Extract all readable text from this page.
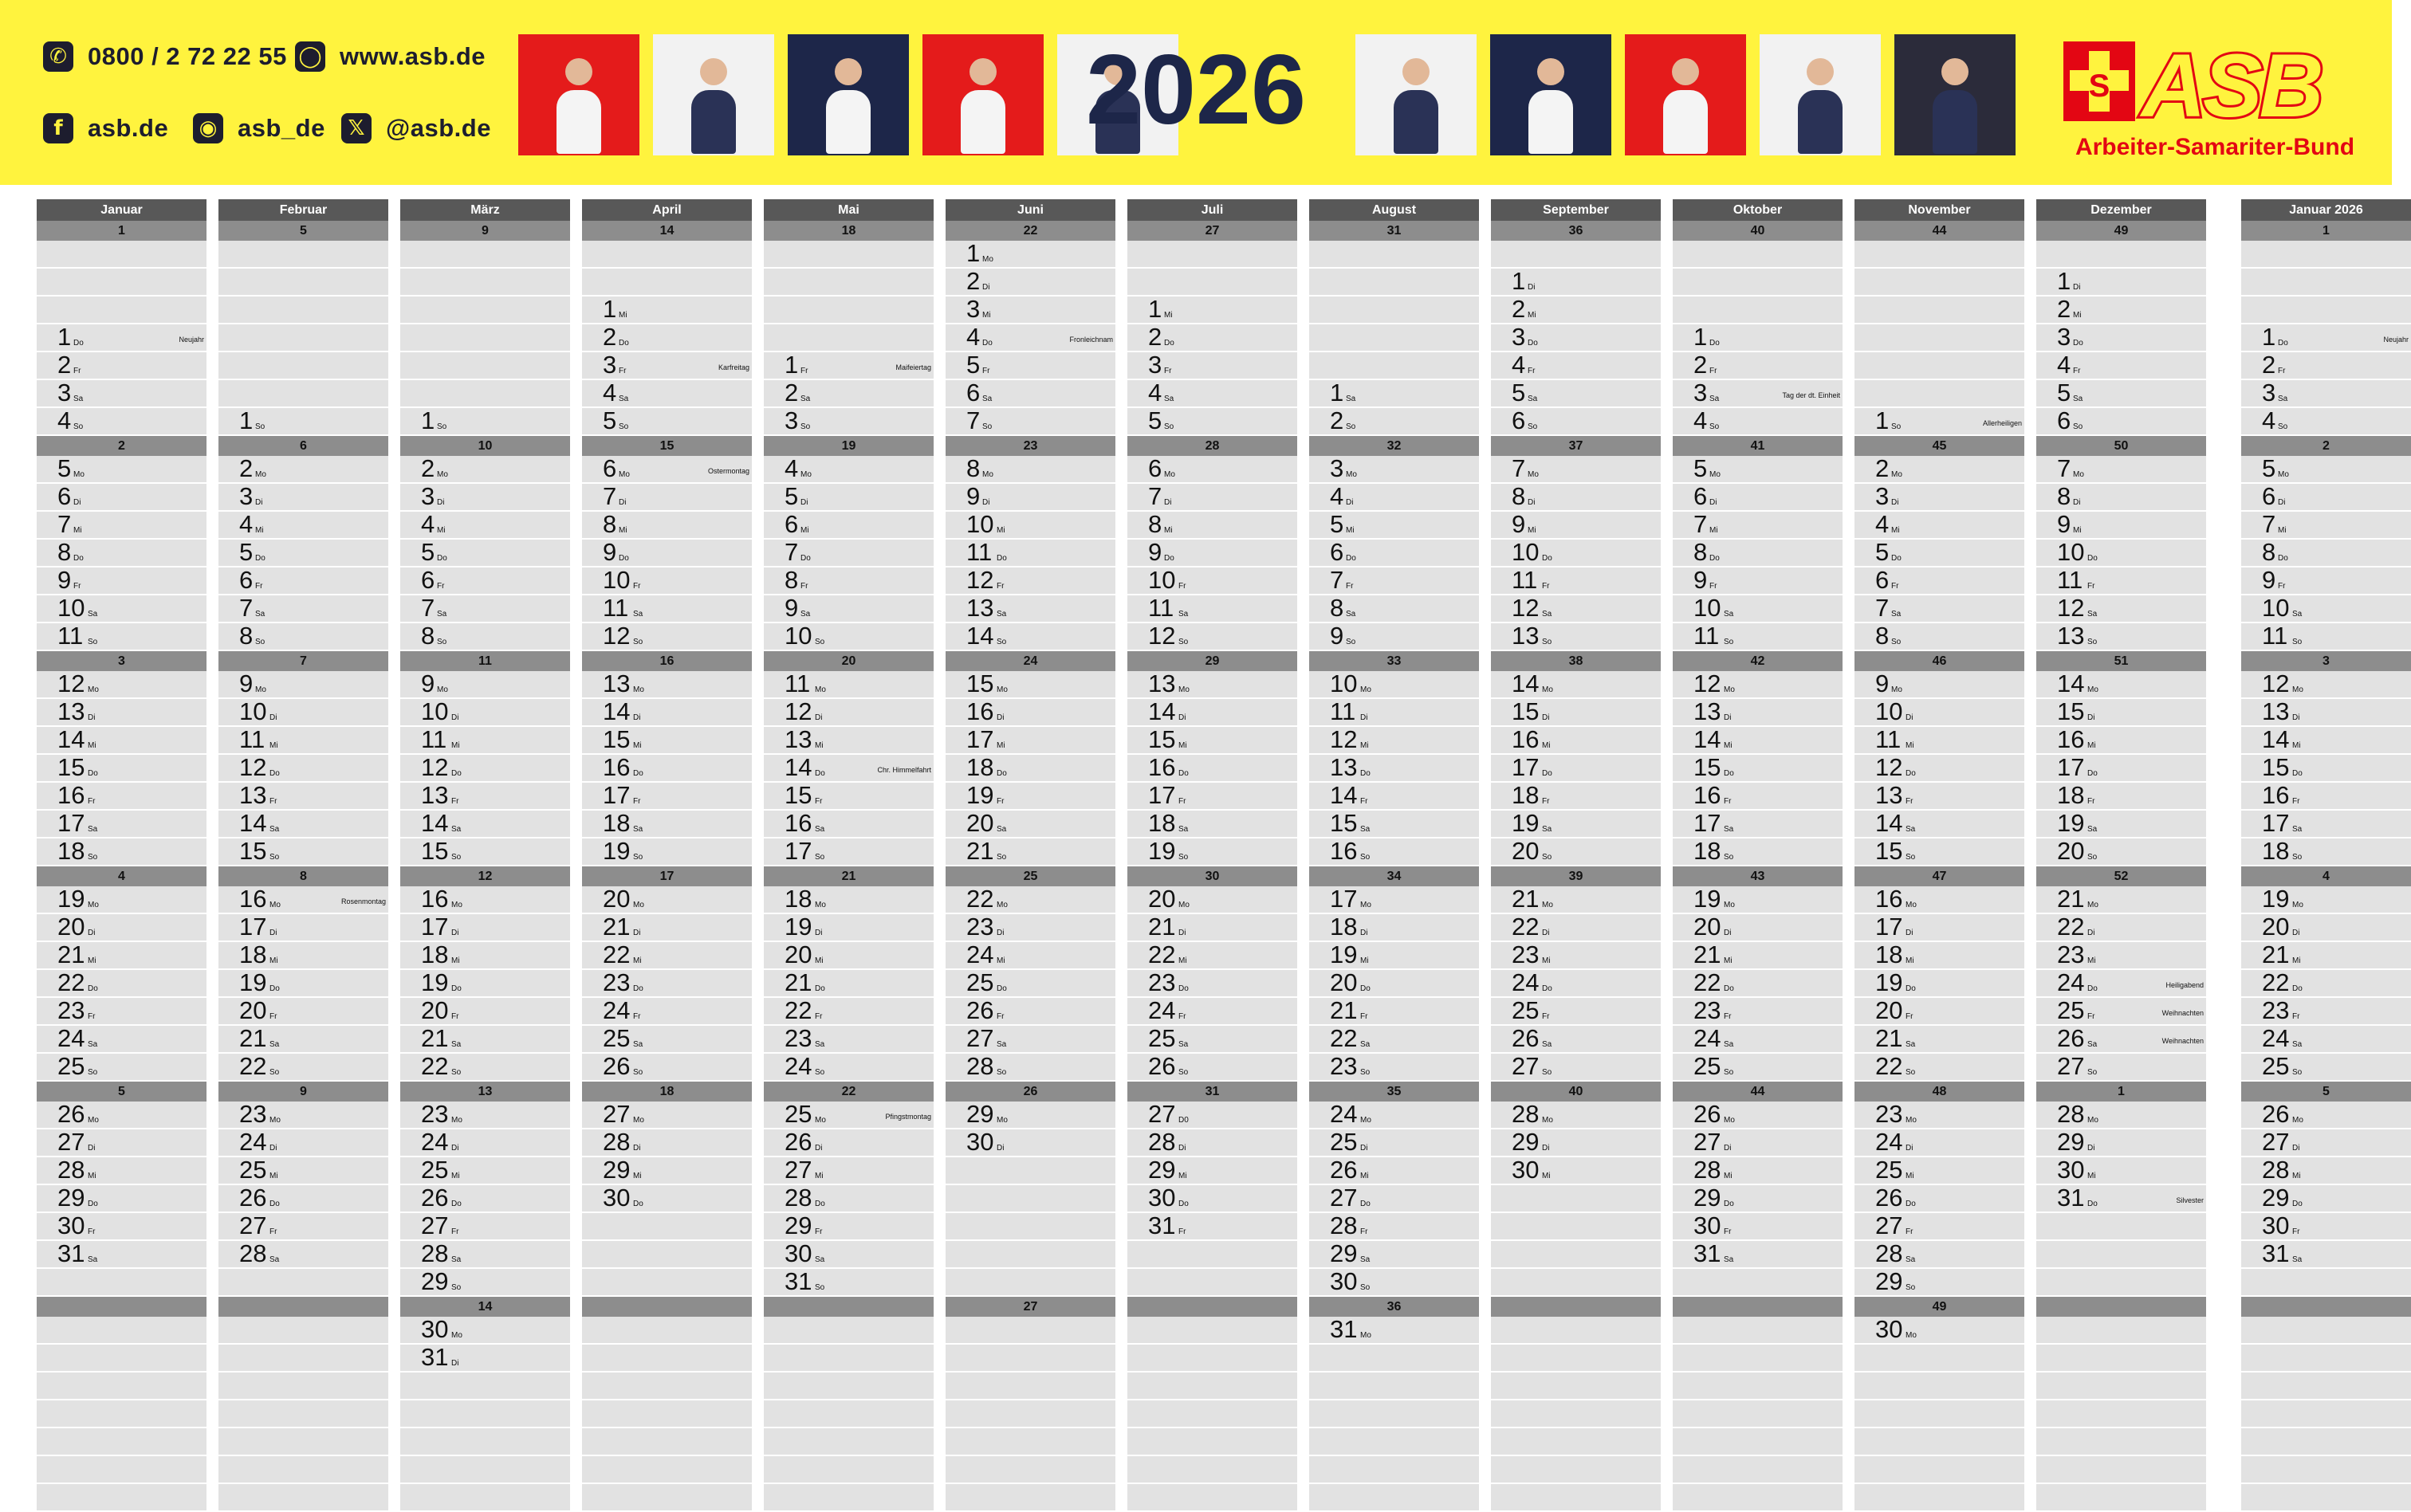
✆ 0800 / 2 72 22 55 ◯ www.asb.de
f	asb.de ◉ asb_de	𝕏 @asb.de	2026	S ASB
Arbeiter-Samariter-Bund
Januar
1
1 Do	Neujahr
2 Fr
3 Sa
4 So
2
5 Mo
6 Di
7 Mi
8 Do
9 Fr
10 Sa
11 So
3
12 Mo
13 Di
14 Mi
15 Do
16 Fr
17 Sa
18 So
4
19 Mo
20 Di
21 Mi
22 Do
23 Fr
24 Sa
25 So
5
26 Mo
27 Di
28 Mi
29 Do
30 Fr
31 Sa
Februar
5
1 So
6
2 Mo
3 Di
4 Mi
5 Do
6 Fr
7 Sa
8 So
7
9 Mo
10 Di
11 Mi
12 Do
13 Fr
14 Sa
15 So
8
16 Mo	Rosenmontag
17 Di
18 Mi
19 Do
20 Fr
21 Sa
22 So
9
23 Mo
24 Di
25 Mi
26 Do
27 Fr
28 Sa
März
9
1 So
10
2 Mo
3 Di
4 Mi
5 Do
6 Fr
7 Sa
8 So
11
9 Mo
10 Di
11 Mi
12 Do
13 Fr
14 Sa
15 So
12
16 Mo
17 Di
18 Mi
19 Do
20 Fr
21 Sa
22 So
13
23 Mo
24 Di
25 Mi
26 Do
27 Fr
28 Sa
29 So
14
30 Mo
31 Di
April
14
1 Mi
2 Do
3 Fr	Karfreitag
4 Sa
5 So
15
6 Mo	Ostermontag
7 Di
8 Mi
9 Do
10 Fr
11 Sa
12 So
16
13 Mo
14 Di
15 Mi
16 Do
17 Fr
18 Sa
19 So
17
20 Mo
21 Di
22 Mi
23 Do
24 Fr
25 Sa
26 So
18
27 Mo
28 Di
29 Mi
30 Do
Mai
18
1 Fr	Maifeiertag
2 Sa
3 So
19
4 Mo
5 Di
6 Mi
7 Do
8 Fr
9 Sa
10 So
20
11 Mo
12 Di
13 Mi
14 Do	Chr. Himmelfahrt
15 Fr
16 Sa
17 So
21
18 Mo
19 Di
20 Mi
21 Do
22 Fr
23 Sa
24 So
22
25 Mo	Pfingstmontag
26 Di
27 Mi
28 Do
29 Fr
30 Sa
31 So
Juni
22
1 Mo
2 Di
3 Mi
4 Do	Fronleichnam
5 Fr
6 Sa
7 So
23
8 Mo
9 Di
10 Mi
11 Do
12 Fr
13 Sa
14 So
24
15 Mo
16 Di
17 Mi
18 Do
19 Fr
20 Sa
21 So
25
22 Mo
23 Di
24 Mi
25 Do
26 Fr
27 Sa
28 So
26
29 Mo
30 Di
27
Juli
27
1 Mi
2 Do
3 Fr
4 Sa
5 So
28
6 Mo
7 Di
8 Mi
9 Do
10 Fr
11 Sa
12 So
29
13 Mo
14 Di
15 Mi
16 Do
17 Fr
18 Sa
19 So
30
20 Mo
21 Di
22 Mi
23 Do
24 Fr
25 Sa
26 So
31
27 D0
28 Di
29 Mi
30 Do
31 Fr
August
31
1 Sa
2 So
32
3 Mo
4 Di
5 Mi
6 Do
7 Fr
8 Sa
9 So
33
10 Mo
11 Di
12 Mi
13 Do
14 Fr
15 Sa
16 So
34
17 Mo
18 Di
19 Mi
20 Do
21 Fr
22 Sa
23 So
35
24 Mo
25 Di
26 Mi
27 Do
28 Fr
29 Sa
30 So
36
31 Mo
September
36
1 Di
2 Mi
3 Do
4 Fr
5 Sa
6 So
37
7 Mo
8 Di
9 Mi
10 Do
11 Fr
12 Sa
13 So
38
14 Mo
15 Di
16 Mi
17 Do
18 Fr
19 Sa
20 So
39
21 Mo
22 Di
23 Mi
24 Do
25 Fr
26 Sa
27 So
40
28 Mo
29 Di
30 Mi
Oktober
40
1 Do
2 Fr
3 Sa	Tag der dt. Einheit
4 So
41
5 Mo
6 Di
7 Mi
8 Do
9 Fr
10 Sa
11 So
42
12 Mo
13 Di
14 Mi
15 Do
16 Fr
17 Sa
18 So
43
19 Mo
20 Di
21 Mi
22 Do
23 Fr
24 Sa
25 So
44
26 Mo
27 Di
28 Mi
29 Do
30 Fr
31 Sa
November
44
1 So	Allerheiligen
45
2 Mo
3 Di
4 Mi
5 Do
6 Fr
7 Sa
8 So
46
9 Mo
10 Di
11 Mi
12 Do
13 Fr
14 Sa
15 So
47
16 Mo
17 Di
18 Mi
19 Do
20 Fr
21 Sa
22 So
48
23 Mo
24 Di
25 Mi
26 Do
27 Fr
28 Sa
29 So
49
30 Mo
Dezember
49
1 Di
2 Mi
3 Do
4 Fr
5 Sa
6 So
50
7 Mo
8 Di
9 Mi
10 Do
11 Fr
12 Sa
13 So
51
14 Mo
15 Di
16 Mi
17 Do
18 Fr
19 Sa
20 So
52
21 Mo
22 Di
23 Mi
24 Do	Heiligabend
25 Fr	Weihnachten
26 Sa	Weihnachten
27 So
1
28 Mo
29 Di
30 Mi
31 Do	Silvester
Januar 2026
1
1 Do	Neujahr
2 Fr
3 Sa
4 So
2
5 Mo
6 Di
7 Mi
8 Do
9 Fr
10 Sa
11 So
3
12 Mo
13 Di
14 Mi
15 Do
16 Fr
17 Sa
18 So
4
19 Mo
20 Di
21 Mi
22 Do
23 Fr
24 Sa
25 So
5
26 Mo
27 Di
28 Mi
29 Do
30 Fr
31 Sa
